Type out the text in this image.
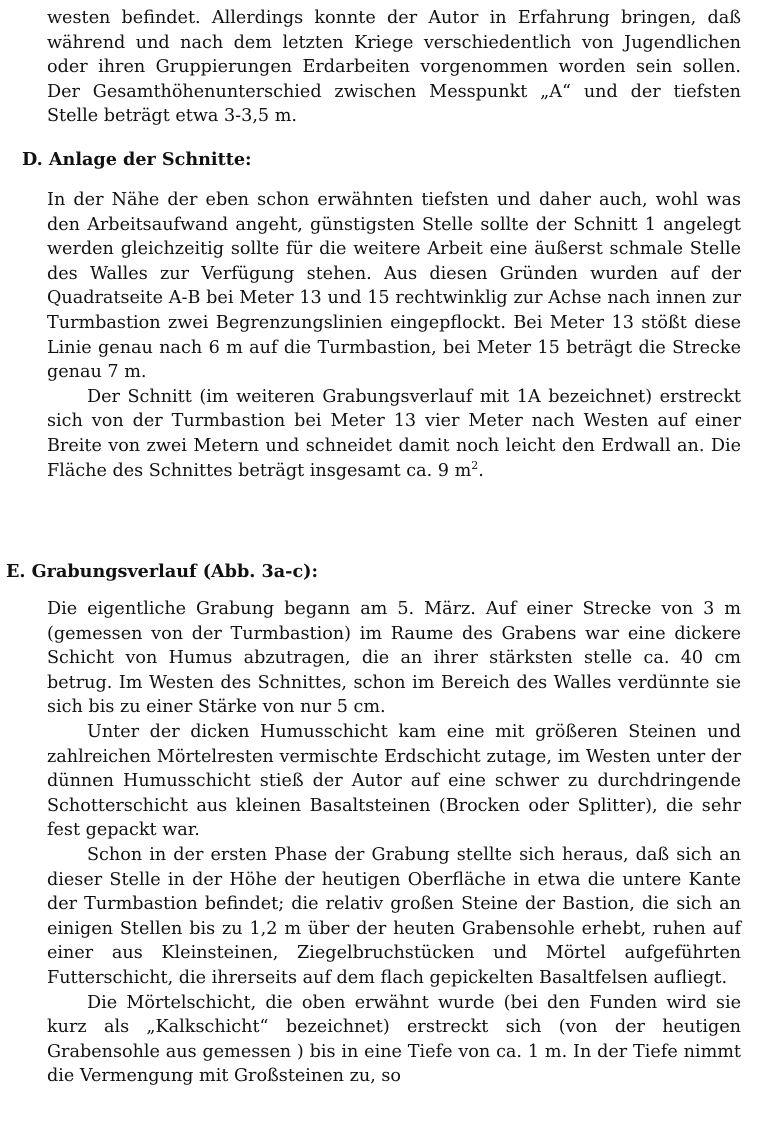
westen befindet. Allerdings konnte der Autor in Erfahrung bringen, daß während und nach dem letzten Kriege verschiedentlich von Jugendlichen oder ihren Gruppierungen Erdarbeiten vorgenommen worden sein sollen. Der Gesamthöhenunterschied zwischen Messpunkt „A“ und der tiefsten Stelle beträgt etwa 3-3,5 m.

D. Anlage der Schnitte:

In der Nähe der eben schon erwähnten tiefsten und daher auch, wohl was den Arbeitsaufwand angeht, günstigsten Stelle sollte der Schnitt 1 angelegt werden gleichzeitig sollte für die weitere Arbeit eine äußerst schmale Stelle des Walles zur Verfügung stehen. Aus diesen Gründen wurden auf der Quadratseite A-B bei Meter 13 und 15 rechtwinklig zur Achse nach innen zur Turmbastion zwei Begrenzungslinien eingepflockt. Bei Meter 13 stößt diese Linie genau nach 6 m auf die Turmbastion, bei Meter 15 beträgt die Strecke genau 7 m.

Der Schnitt (im weiteren Grabungsverlauf mit 1A bezeichnet) erstreckt sich von der Turmbastion bei Meter 13 vier Meter nach Westen auf einer Breite von zwei Metern und schneidet damit noch leicht den Erdwall an. Die Fläche des Schnittes beträgt insgesamt ca. 9 $m^2$.

E. Grabungsverlauf (Abb. 3a-c):

Die eigentliche Grabung begann am 5. März. Auf einer Strecke von 3 m (gemessen von der Turmbastion) im Raume des Grabens war eine dickere Schicht von Humus abzutragen, die an ihrer stärksten stelle ca. 40 cm betrug. Im Westen des Schnittes, schon im Bereich des Walles verdünnte sie sich bis zu einer Stärke von nur 5 cm.

Unter der dicken Humusschicht kam eine mit größeren Steinen und zahlreichen Mörtelresten vermischte Erdschicht zutage, im Westen unter der dünnen Humusschicht stieß der Autor auf eine schwer zu durchdringende Schotterschicht aus kleinen Basaltsteinen (Brocken oder Splitter), die sehr fest gepackt war.

Schon in der ersten Phase der Grabung stellte sich heraus, daß sich an dieser Stelle in der Höhe der heutigen Oberfläche in etwa die untere Kante der Turmbastion befindet; die relativ großen Steine der Bastion, die sich an einigen Stellen bis zu 1,2 m über der heuten Grabensohle erhebt, ruhen auf einer aus Kleinsteinen, Ziegelbruchstücken und Mörtel aufgeführten Futterschicht, die ihrerseits auf dem flach gepickelten Basaltfelsen aufliegt.

Die Mörtelschicht, die oben erwähnt wurde (bei den Funden wird sie kurz als „Kalkschicht“ bezeichnet) erstreckt sich (von der heutigen Grabensohle aus gemessen ) bis in eine Tiefe von ca. 1 m. In der Tiefe nimmt die Vermengung mit Großsteinen zu, so
